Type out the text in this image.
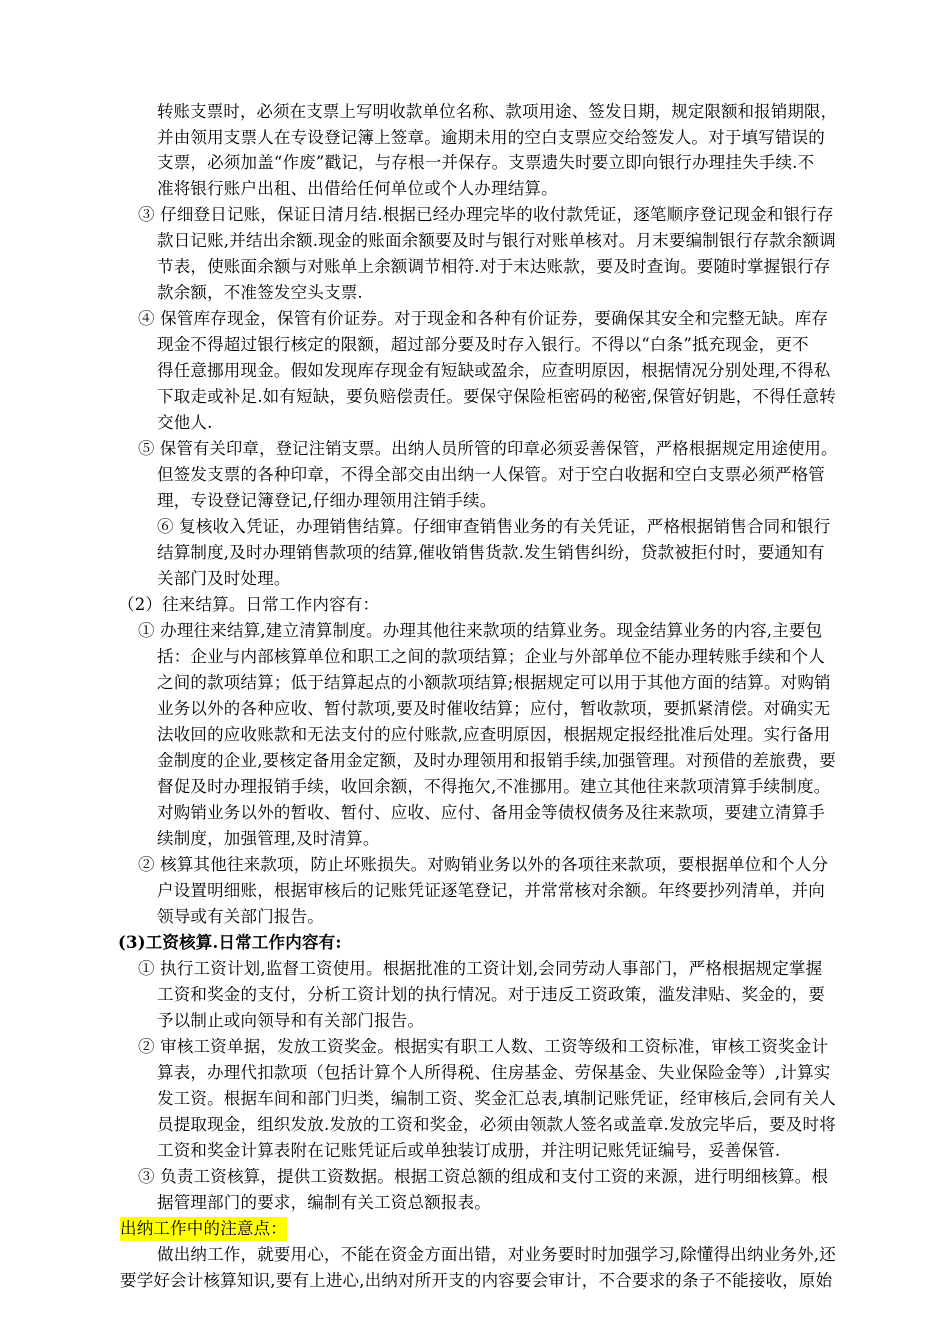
转账支票时，必须在支票上写明收款单位名称、款项用途、签发日期，规定限额和报销期限，
并由领用支票人在专设登记簿上签章。逾期未用的空白支票应交给签发人。对于填写错误的
支票，必须加盖“作废”戳记，与存根一并保存。支票遗失时要立即向银行办理挂失手续.不
准将银行账户出租、出借给任何单位或个人办理结算。
③ 仔细登日记账，保证日清月结.根据已经办理完毕的收付款凭证，逐笔顺序登记现金和银行存
款日记账,并结出余额.现金的账面余额要及时与银行对账单核对。月末要编制银行存款余额调
节表，使账面余额与对账单上余额调节相符.对于末达账款，要及时查询。要随时掌握银行存
款余额，不准签发空头支票.
④ 保管库存现金，保管有价证券。对于现金和各种有价证券，要确保其安全和完整无缺。库存
现金不得超过银行核定的限额，超过部分要及时存入银行。不得以“白条”抵充现金，更不
得任意挪用现金。假如发现库存现金有短缺或盈余，应查明原因，根据情况分别处理,不得私
下取走或补足.如有短缺，要负赔偿责任。要保守保险柜密码的秘密,保管好钥匙，不得任意转
交他人.
⑤ 保管有关印章，登记注销支票。出纳人员所管的印章必须妥善保管，严格根据规定用途使用。
但签发支票的各种印章，不得全部交由出纳一人保管。对于空白收据和空白支票必须严格管
理，专设登记簿登记,仔细办理领用注销手续。
⑥ 复核收入凭证，办理销售结算。仔细审查销售业务的有关凭证，严格根据销售合同和银行
结算制度,及时办理销售款项的结算,催收销售货款.发生销售纠纷，贷款被拒付时，要通知有
关部门及时处理。
（2）往来结算。日常工作内容有：
① 办理往来结算,建立清算制度。办理其他往来款项的结算业务。现金结算业务的内容,主要包
括：企业与内部核算单位和职工之间的款项结算；企业与外部单位不能办理转账手续和个人
之间的款项结算；低于结算起点的小额款项结算;根据规定可以用于其他方面的结算。对购销
业务以外的各种应收、暂付款项,要及时催收结算；应付，暂收款项，要抓紧清偿。对确实无
法收回的应收账款和无法支付的应付账款,应查明原因，根据规定报经批准后处理。实行备用
金制度的企业,要核定备用金定额，及时办理领用和报销手续,加强管理。对预借的差旅费，要
督促及时办理报销手续，收回余额，不得拖欠,不准挪用。建立其他往来款项清算手续制度。
对购销业务以外的暂收、暂付、应收、应付、备用金等债权债务及往来款项，要建立清算手
续制度，加强管理,及时清算。
② 核算其他往来款项，防止坏账损失。对购销业务以外的各项往来款项，要根据单位和个人分
户设置明细账，根据审核后的记账凭证逐笔登记，并常常核对余额。年终要抄列清单，并向
领导或有关部门报告。
(3)工资核算.日常工作内容有:
① 执行工资计划,监督工资使用。根据批准的工资计划,会同劳动人事部门，严格根据规定掌握
工资和奖金的支付，分析工资计划的执行情况。对于违反工资政策，滥发津贴、奖金的，要
予以制止或向领导和有关部门报告。
② 审核工资单据，发放工资奖金。根据实有职工人数、工资等级和工资标准，审核工资奖金计
算表，办理代扣款项（包括计算个人所得税、住房基金、劳保基金、失业保险金等）,计算实
发工资。根据车间和部门归类，编制工资、奖金汇总表,填制记账凭证，经审核后,会同有关人
员提取现金，组织发放.发放的工资和奖金，必须由领款人签名或盖章.发放完毕后，要及时将
工资和奖金计算表附在记账凭证后或单独装订成册，并注明记账凭证编号，妥善保管.
③ 负责工资核算，提供工资数据。根据工资总额的组成和支付工资的来源，进行明细核算。根
据管理部门的要求，编制有关工资总额报表。
出纳工作中的注意点：
做出纳工作，就要用心，不能在资金方面出错，对业务要时时加强学习,除懂得出纳业务外,还
要学好会计核算知识,要有上进心,出纳对所开支的内容要会审计，不合要求的条子不能接收，原始
